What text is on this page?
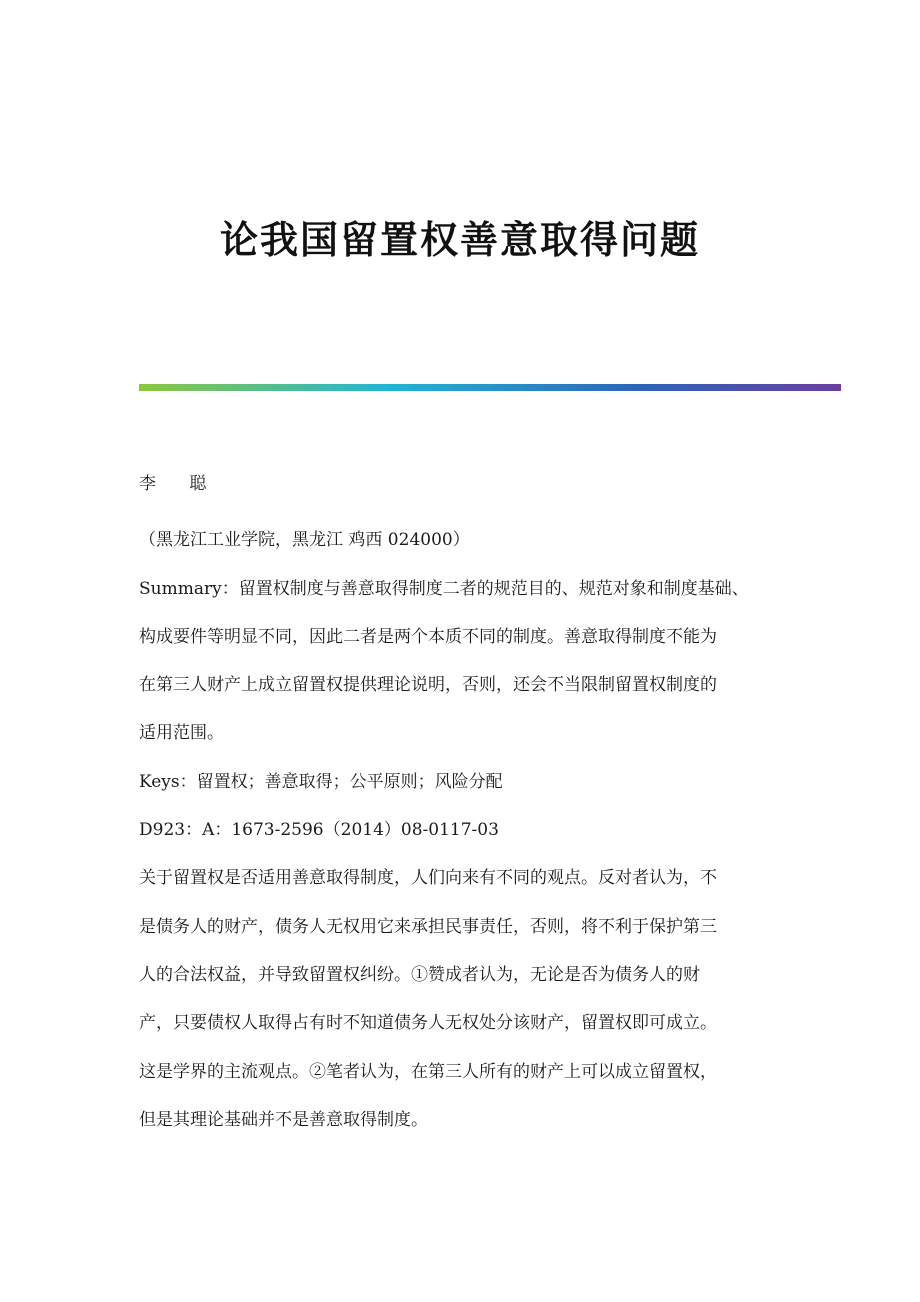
论我国留置权善意取得问题

李 聪

（黑龙江工业学院，黑龙江 鸡西 024000）

Summary：留置权制度与善意取得制度二者的规范目的、规范对象和制度基础、

构成要件等明显不同，因此二者是两个本质不同的制度。善意取得制度不能为

在第三人财产上成立留置权提供理论说明，否则，还会不当限制留置权制度的

适用范围。

Keys：留置权；善意取得；公平原则；风险分配

D923：A：1673-2596（2014）08-0117-03

关于留置权是否适用善意取得制度，人们向来有不同的观点。反对者认为，不

是债务人的财产，债务人无权用它来承担民事责任，否则，将不利于保护第三

人的合法权益，并导致留置权纠纷。①赞成者认为，无论是否为债务人的财

产，只要债权人取得占有时不知道债务人无权处分该财产，留置权即可成立。

这是学界的主流观点。②笔者认为，在第三人所有的财产上可以成立留置权，

但是其理论基础并不是善意取得制度。
